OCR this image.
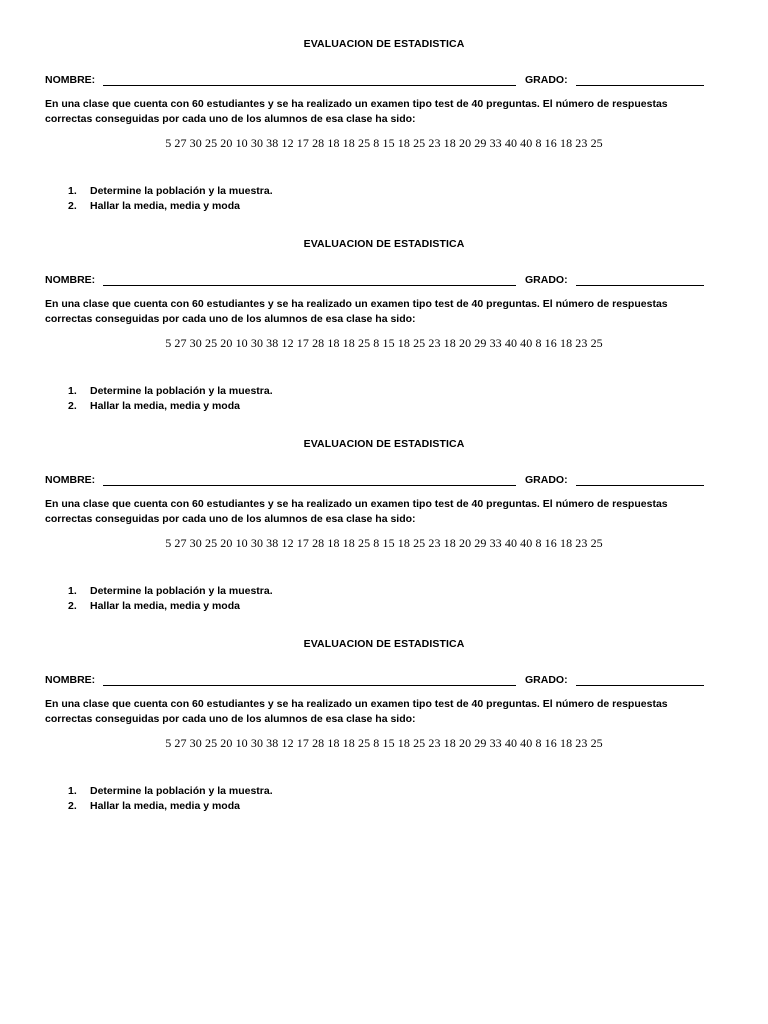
EVALUACION DE ESTADISTICA
NOMBRE:	GRADO:
En una clase que cuenta con 60 estudiantes y se ha realizado un examen tipo test de 40 preguntas. El número de respuestas correctas conseguidas por cada uno de los alumnos de esa clase ha sido:
5 27 30 25 20 10 30 38 12 17 28 18 18 25 8 15 18 25 23 18 20 29 33 40 40 8 16 18 23 25
1. Determine la población y la muestra.
2. Hallar la media, media y moda
EVALUACION DE ESTADISTICA
NOMBRE:	GRADO:
En una clase que cuenta con 60 estudiantes y se ha realizado un examen tipo test de 40 preguntas. El número de respuestas correctas conseguidas por cada uno de los alumnos de esa clase ha sido:
5 27 30 25 20 10 30 38 12 17 28 18 18 25 8 15 18 25 23 18 20 29 33 40 40 8 16 18 23 25
1. Determine la población y la muestra.
2. Hallar la media, media y moda
EVALUACION DE ESTADISTICA
NOMBRE:	GRADO:
En una clase que cuenta con 60 estudiantes y se ha realizado un examen tipo test de 40 preguntas. El número de respuestas correctas conseguidas por cada uno de los alumnos de esa clase ha sido:
5 27 30 25 20 10 30 38 12 17 28 18 18 25 8 15 18 25 23 18 20 29 33 40 40 8 16 18 23 25
1. Determine la población y la muestra.
2. Hallar la media, media y moda
EVALUACION DE ESTADISTICA
NOMBRE:	GRADO:
En una clase que cuenta con 60 estudiantes y se ha realizado un examen tipo test de 40 preguntas. El número de respuestas correctas conseguidas por cada uno de los alumnos de esa clase ha sido:
5 27 30 25 20 10 30 38 12 17 28 18 18 25 8 15 18 25 23 18 20 29 33 40 40 8 16 18 23 25
1. Determine la población y la muestra.
2. Hallar la media, media y moda
